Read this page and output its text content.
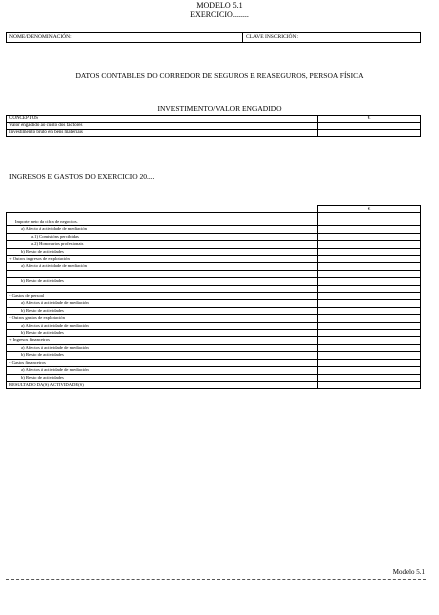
MODELO 5.1
EXERCICIO........
NOME/DENOMINACIÓN:	CLAVE INSCRICIÓN:
DATOS CONTABLES DO CORREDOR DE SEGUROS E REASEGUROS, PERSOA FÍSICA
INVESTIMENTO/VALOR ENGADIDO
CONCEPTOS	€
Valor engadido ao custo dos factores	
Investimento bruto en bens materiais	
INGRESOS E GASTOS DO EXERCICIO 20....
	€
Importe neto da cifra de negocios.	
a) Afecto á actividade de mediación	
a.1) Comisións percibidas	
a.2) Honorarios profesionais	
b) Resto de actividades	
+ Outros ingresos de explotación	
a) Afecto á actividade de mediación	

b) Resto de actividades	

- Gastos de persoal	
a) Afectos á actividade de mediación	
b) Resto de actividades	
- Outros gastos de explotación	
a) Afectos á actividade de mediación	
b) Resto de actividades	
+ Ingresos financeiros	
a) Afectos á actividade de mediación	
b) Resto de actividades	
- Gastos financeiros	
a) Afectos á actividade de mediación	
b) Resto de actividades	
RESULTADO DA(S) ACTIVIDADE(S)	
Modelo 5.1
